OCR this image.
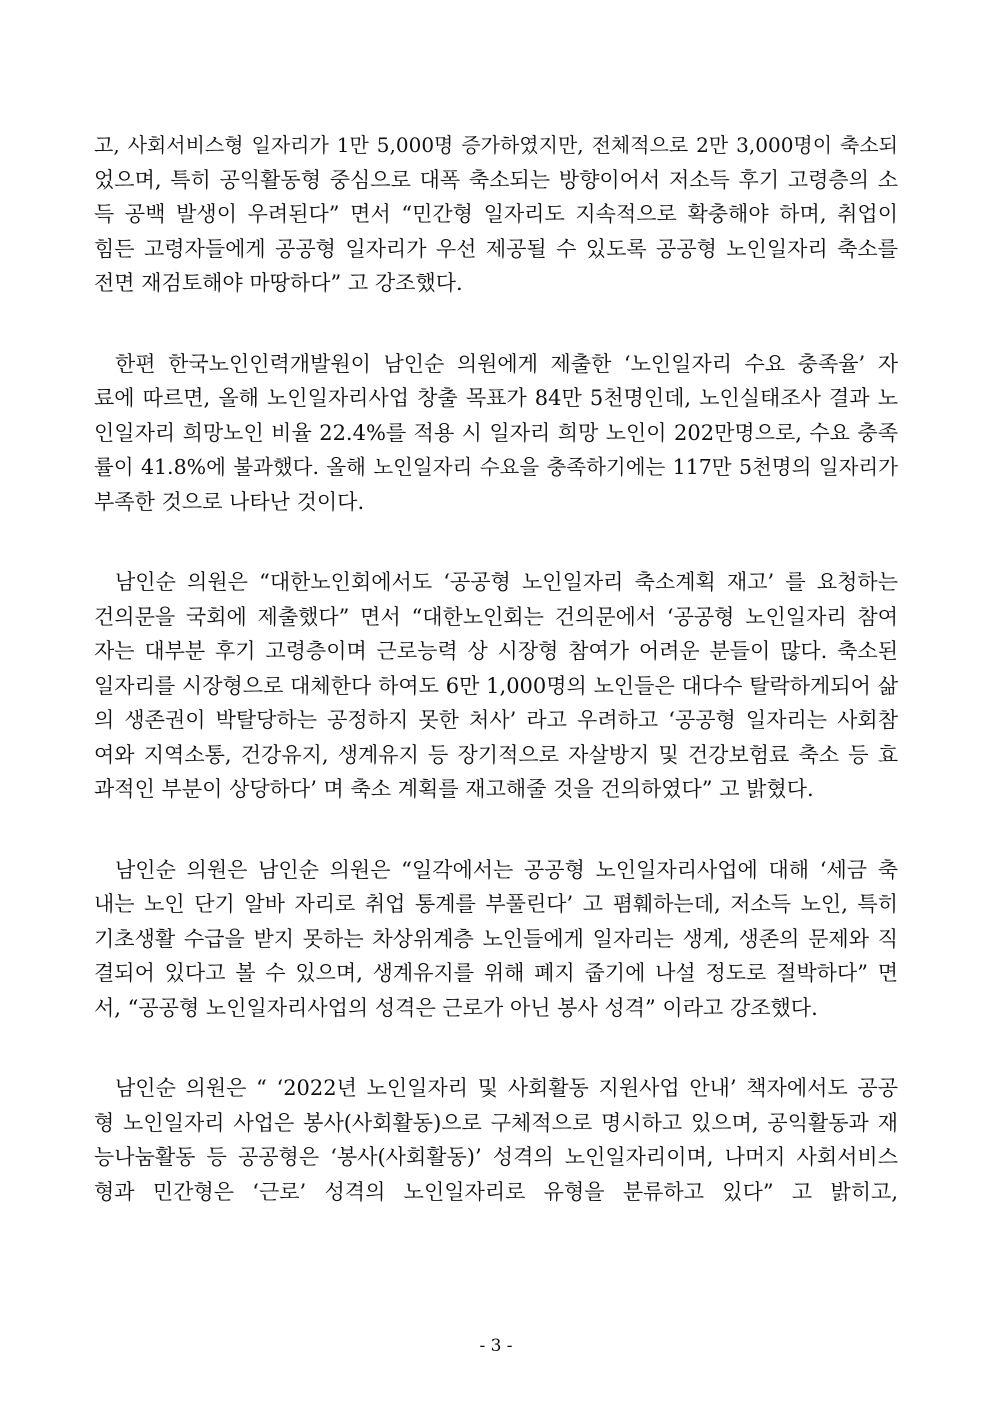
고, 사회서비스형 일자리가 1만 5,000명 증가하였지만, 전체적으로 2만 3,000명이 축소되
었으며, 특히 공익활동형 중심으로 대폭 축소되는 방향이어서 저소득 후기 고령층의 소
득 공백 발생이 우려된다” 면서 “민간형 일자리도 지속적으로 확충해야 하며, 취업이
힘든 고령자들에게 공공형 일자리가 우선 제공될 수 있도록 공공형 노인일자리 축소를
전면 재검토해야 마땅하다” 고 강조했다.
한편 한국노인인력개발원이 남인순 의원에게 제출한 ‘노인일자리 수요 충족율’ 자
료에 따르면, 올해 노인일자리사업 창출 목표가 84만 5천명인데, 노인실태조사 결과 노
인일자리 희망노인 비율 22.4%를 적용 시 일자리 희망 노인이 202만명으로, 수요 충족
률이 41.8%에 불과했다. 올해 노인일자리 수요을 충족하기에는 117만 5천명의 일자리가
부족한 것으로 나타난 것이다.
남인순 의원은 “대한노인회에서도 ‘공공형 노인일자리 축소계획 재고’ 를 요청하는
건의문을 국회에 제출했다” 면서 “대한노인회는 건의문에서 ‘공공형 노인일자리 참여
자는 대부분 후기 고령층이며 근로능력 상 시장형 참여가 어려운 분들이 많다. 축소된
일자리를 시장형으로 대체한다 하여도 6만 1,000명의 노인들은 대다수 탈락하게되어 삶
의 생존권이 박탈당하는 공정하지 못한 처사’ 라고 우려하고 ‘공공형 일자리는 사회참
여와 지역소통, 건강유지, 생계유지 등 장기적으로 자살방지 및 건강보험료 축소 등 효
과적인 부분이 상당하다’ 며 축소 계획를 재고해줄 것을 건의하였다” 고 밝혔다.
남인순 의원은 남인순 의원은 “일각에서는 공공형 노인일자리사업에 대해 ‘세금 축
내는 노인 단기 알바 자리로 취업 통계를 부풀린다’ 고 폄훼하는데, 저소득 노인, 특히
기초생활 수급을 받지 못하는 차상위계층 노인들에게 일자리는 생계, 생존의 문제와 직
결되어 있다고 볼 수 있으며, 생계유지를 위해 폐지 줍기에 나설 정도로 절박하다” 면
서, “공공형 노인일자리사업의 성격은 근로가 아닌 봉사 성격” 이라고 강조했다.
남인순 의원은 “ ‘2022년 노인일자리 및 사회활동 지원사업 안내’ 책자에서도 공공
형 노인일자리 사업은 봉사(사회활동)으로 구체적으로 명시하고 있으며, 공익활동과 재
능나눔활동 등 공공형은 ‘봉사(사회활동)’ 성격의 노인일자리이며, 나머지 사회서비스
형과 민간형은 ‘근로’ 성격의 노인일자리로 유형을 분류하고 있다” 고 밝히고,
- 3 -
